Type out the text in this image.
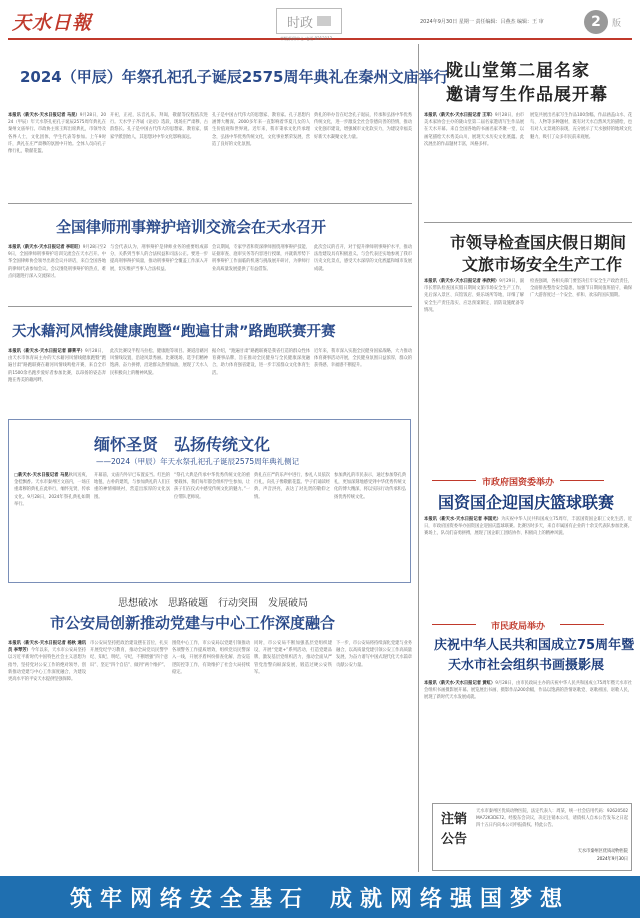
天水日報	时政
市级新闻中心 电话 8213112
2024年9月30日 星期一 责任编辑：吕燕杰 编辑：王 审	2	版
2024（甲辰）年祭孔祀孔子诞辰2575周年典礼在秦州文庙举行
本报讯（新天水·天水日报记者 马昆）9月28日，2024（甲辰）年天水祭孔祀孔子诞辰2575周年典礼在秦州文庙举行。市政协主席王辉出席典礼，市领导及各界人士，文化团体，学生代表等参加。上午9时许，典礼在庄严肃穆的氛围中开始。全体人员向孔子像行礼，敬献花篮。
开祀，正祀，乐音礼乐，拜谒，敬献等仪程依次进行。天水学子齐诵《论语》选段，现场庄严肃穆，古韵悠长。孔子是中国古代伟大的思想家、教育家，儒家学派创始人，其思想对中华文化影响深远。
孔子是中国古代伟大的思想家、教育家。孔子思想内涵博大精深，2000多年来一直影响着华夏儿女的人生价值观和世界观。近年来，我市秉承文化传承理念，弘扬中华优秀传统文化，文化事业繁荣发展，营造了良好的文化氛围。
典礼的举办旨在纪念孔子诞辰，传承和弘扬中华优秀传统文化，进一步激发全社会崇德向善的热情，推动文化强市建设，增强城市文化软实力，为建设幸福美好新天水凝聚文化力量。
全国律师刑事辩护培训交流会在天水召开
本报讯（新天水·天水日报记者 李旺旺）9月28日至29日，全国律师刑事辩护培训交流会在天水召开。中华全国律师协会领导出席会议并讲话，来自全国各地的律师代表参加会议。会议围绕刑事辩护的热点、难点问题进行深入交流探讨。
与会代表认为，刑事辩护是律师业务的重要组成部分，关系到当事人的合法权益和司法公正。要进一步提高刑事辩护质量，推动刑事辩护全覆盖工作深入开展，切实维护当事人合法权益。
会议期间，专家学者和资深律师围绕刑事辩护技能、证据审查、庭审实务等内容进行授课，并就新形势下刑事辩护工作面临的机遇与挑战展开研讨，为律师行业高质量发展提供了有益借鉴。
此次会议的召开，对于提升律师刑事辩护水平，推动法治建设具有积极意义。与会代表还实地参观了我市历史文化景点，感受天水深厚的文化底蕴和城市发展成就。
天水藉河风情线健康跑暨“跑遍甘肃”路跑联赛开赛
本报讯（新天水·天水日报记者 薛莱平）9月28日，由天水市体育局主办的天水藉河风情线健康跑暨“跑遍甘肃”路跑联赛在藉河风情线鸣枪开赛，来自全市的1500余名跑步爱好者参加比赛，以昂扬的姿态奔跑在秀美的藉河畔。
此次比赛设半程马拉松、健康跑等项目。赛道沿藉河风情线设置，沿途风景秀丽。比赛现场，选手们精神饱满、奋力拼搏，沿途群众热情加油，展现了天水人民积极向上的精神风貌。
据介绍，“跑遍甘肃”路跑联赛是我省打造的群众性体育赛事品牌，旨在推动全民健身与全民健康深度融合，助力体育强省建设，进一步丰富群众文化体育生活。
近年来，我市深入实施全民健身国家战略，大力推动体育赛事活动开展，全民健身氛围日益浓厚，群众的获得感、幸福感不断提升。
缅怀圣贤　弘扬传统文化
——2024（甲辰）年天水祭孔祀孔子诞辰2575周年典礼侧记
□新天水·天水日报记者 马昆秋风送爽，金桂飘香。天水市秦州区文庙内，一场庄重肃穆的典礼在此举行，缅怀先贤，传承文化。9月28日，2024年祭孔典礼如期举行。
开幕前，文庙内外早已布置妥当。红色的地毯、古朴的建筑，与参加典礼的人们庄重的神情相映衬，营造出浓厚的文化氛围。
“祭孔大典是传承中华优秀传统文化的重要载体，我们每年都会组织学生参加，让孩子们在仪式中感受传统文化的魅力。”一位带队老师说。
典礼在庄严的乐声中进行，参礼人员依次行礼，向孔子像敬献花篮。学子们诵读经典，声音洪亮，表达了对先贤的敬仰之情。
参加典礼的市民表示，通过参加祭孔典礼，更加深刻地感受到中华优秀传统文化的博大精深，将以实际行动传承和弘扬优秀传统文化。
思想破冰　思路破题　行动突围　发展破局
市公安局创新推动党建与中心工作深度融合
本报讯（新天水·天水日报记者 杨秋 通讯员 李琴芳）今年以来，天水市公安局坚持以习近平新时代中国特色社会主义思想为指导，坚持党对公安工作的绝对领导，创新推动党建与中心工作深度融合，为建设更高水平的平安天水提供坚强保障。
市公安局坚持把政治建设摆在首位，扎实开展党纪学习教育，推动全局党员民警学纪、知纪、明纪、守纪，不断增强“四个意识”、坚定“四个自信”、做到“两个维护”。
围绕中心工作，市公安局以党建引领推动各项警务工作提质增效，组织党员民警深入一线，开展矛盾纠纷排查化解、治安巡逻防控等工作，有效维护了社会大局持续稳定。
同时，市公安局不断加强基层党组织建设，开展“党建+”系列活动，打造党建品牌，激发基层党组织活力，推动全面从严管党治警向纵深发展，锻造过硬公安铁军。
下一步，市公安局将持续深化党建与业务融合，以高质量党建引领公安工作高质量发展，为奋力谱写中国式现代化天水篇章贡献公安力量。
陇山堂第二届名家
邀请写生作品展开幕
本报讯（新天水·天水日报记者 王军）9月28日，由市美术家协会主办的陇山堂第二届名家邀请写生作品展在天水开幕。来自全国各地的书画名家齐聚一堂，以画笔描绘天水秀美山川，展现天水历史文化底蕴。此次展出的作品题材丰富，风格多样。
展览共展出名家写生作品100余幅，作品涵盖山水、花鸟、人物等多种题材，既有对天水自然风光的描绘，也有对人文景观的表现，充分展示了天水独特的地域文化魅力，吸引了众多市民前来观展。
市领导检查国庆假日期间
文旅市场安全生产工作
本报讯（新天水·天水日报记者 李欣柯）9月29日，副市长带队检查国庆假日期间文旅市场安全生产工作，先后深入景区、宾馆饭店、娱乐场所等地，详细了解安全生产责任落实、应急预案制定、消防设施配备等情况。
检查强调，各相关部门要坚决扛牢安全生产政治责任，全面排查整治安全隐患，加强节日期间值班值守，确保广大游客度过一个安全、祥和、欢乐的国庆假期。
市政府国资委举办
国资国企迎国庆篮球联赛
本报讯（新天水·天水日报记者 李国光）为庆祝中华人民共和国成立75周年，丰富国资国企职工文化生活，近日，市政府国资委举办国资国企迎国庆篮球联赛。比赛历时多天，来自市属国有企业的十余支代表队参加比赛。赛场上，队员们奋勇拼搏，展现了国企职工团结协作、积极向上的精神风貌。
市民政局举办
庆祝中华人民共和国成立75周年暨
天水市社会组织书画摄影展
本报讯（新天水·天水日报记者 黄虹）9月28日，由市民政局主办的庆祝中华人民共和国成立75周年暨天水市社会组织书画摄影展开幕。展览展出书画、摄影作品200余幅，作品以饱满的热情讴歌党、讴歌祖国、讴歌人民，展现了新时代天水发展成就。
注销公告
天水市秦州区优质动物医院，法定代表人：周某，统一社会信用代码：92620502MA72K3DE72。经股东会决议，决定注销本公司，请债权人自本公告发布之日起四十五日内向本公司申报债权。特此公告。
天水市秦州区优质动物医院
2024年9月30日
筑牢网络安全基石 成就网络强国梦想
